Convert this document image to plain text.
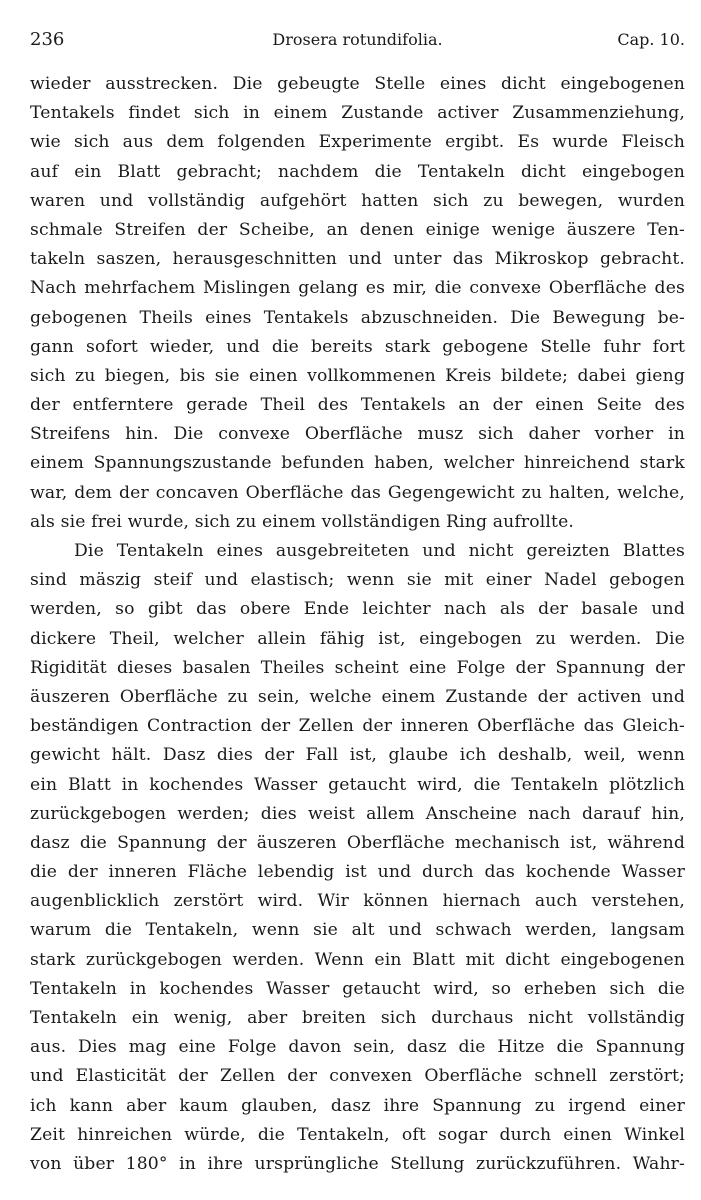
236	Drosera rotundifolia.	Cap. 10.
wieder ausstrecken. Die gebeugte Stelle eines dicht eingebogenen
Tentakels findet sich in einem Zustande activer Zusammenziehung,
wie sich aus dem folgenden Experimente ergibt. Es wurde Fleisch
auf ein Blatt gebracht; nachdem die Tentakeln dicht eingebogen
waren und vollständig aufgehört hatten sich zu bewegen, wurden
schmale Streifen der Scheibe, an denen einige wenige äuszere Ten-
takeln saszen, herausgeschnitten und unter das Mikroskop gebracht.
Nach mehrfachem Mislingen gelang es mir, die convexe Oberfläche des
gebogenen Theils eines Tentakels abzuschneiden. Die Bewegung be-
gann sofort wieder, und die bereits stark gebogene Stelle fuhr fort
sich zu biegen, bis sie einen vollkommenen Kreis bildete; dabei gieng
der entferntere gerade Theil des Tentakels an der einen Seite des
Streifens hin. Die convexe Oberfläche musz sich daher vorher in
einem Spannungszustande befunden haben, welcher hinreichend stark
war, dem der concaven Oberfläche das Gegengewicht zu halten, welche,
als sie frei wurde, sich zu einem vollständigen Ring aufrollte.
Die Tentakeln eines ausgebreiteten und nicht gereizten Blattes
sind mäszig steif und elastisch; wenn sie mit einer Nadel gebogen
werden, so gibt das obere Ende leichter nach als der basale und
dickere Theil, welcher allein fähig ist, eingebogen zu werden. Die
Rigidität dieses basalen Theiles scheint eine Folge der Spannung der
äuszeren Oberfläche zu sein, welche einem Zustande der activen und
beständigen Contraction der Zellen der inneren Oberfläche das Gleich-
gewicht hält. Dasz dies der Fall ist, glaube ich deshalb, weil, wenn
ein Blatt in kochendes Wasser getaucht wird, die Tentakeln plötzlich
zurückgebogen werden; dies weist allem Anscheine nach darauf hin,
dasz die Spannung der äuszeren Oberfläche mechanisch ist, während
die der inneren Fläche lebendig ist und durch das kochende Wasser
augenblicklich zerstört wird. Wir können hiernach auch verstehen,
warum die Tentakeln, wenn sie alt und schwach werden, langsam
stark zurückgebogen werden. Wenn ein Blatt mit dicht eingebogenen
Tentakeln in kochendes Wasser getaucht wird, so erheben sich die
Tentakeln ein wenig, aber breiten sich durchaus nicht vollständig
aus. Dies mag eine Folge davon sein, dasz die Hitze die Spannung
und Elasticität der Zellen der convexen Oberfläche schnell zerstört;
ich kann aber kaum glauben, dasz ihre Spannung zu irgend einer
Zeit hinreichen würde, die Tentakeln, oft sogar durch einen Winkel
von über 180° in ihre ursprüngliche Stellung zurückzuführen. Wahr-
